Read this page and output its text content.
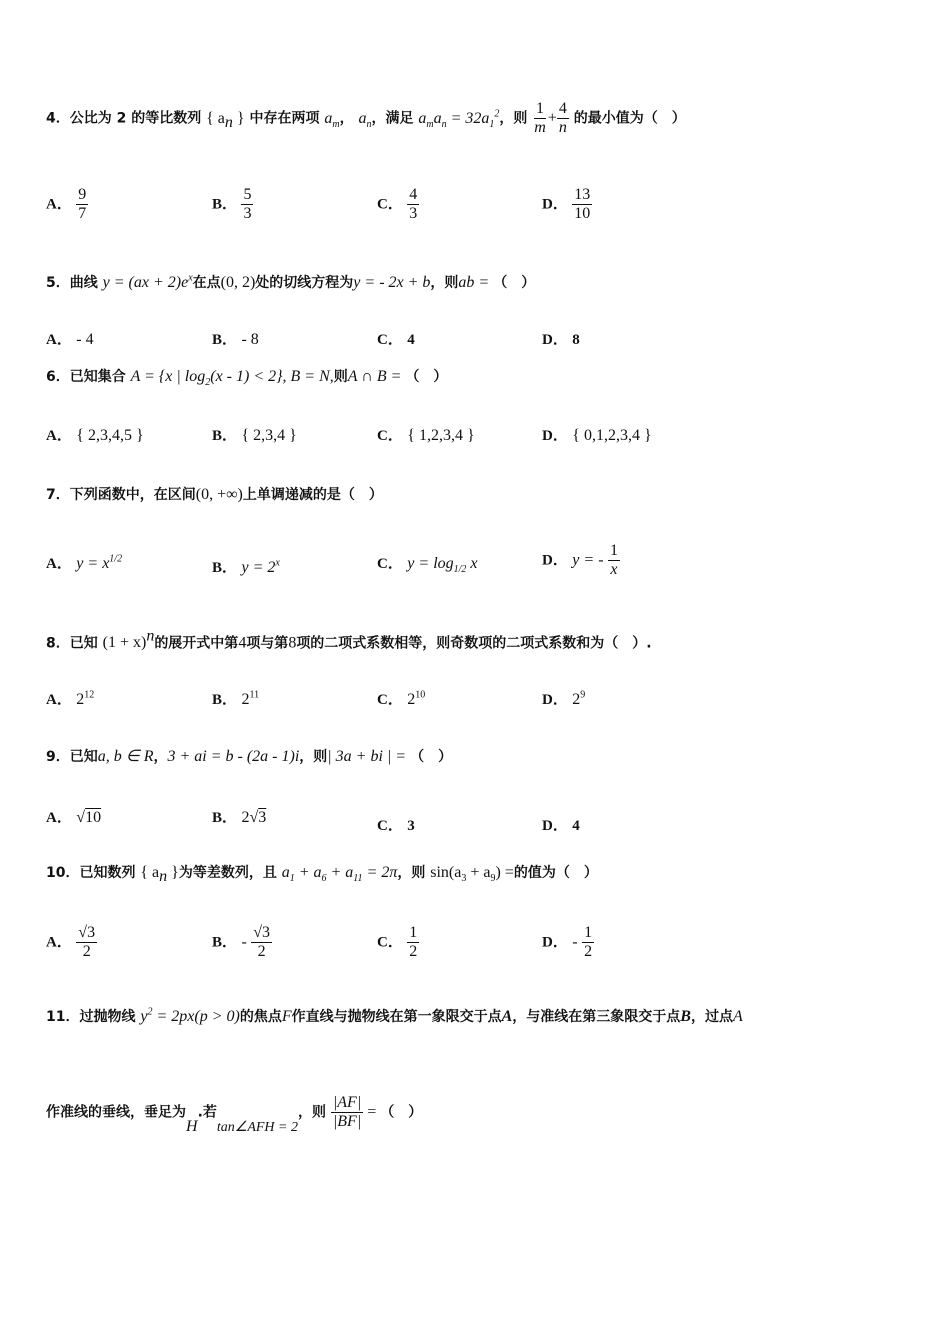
4．公比为 2 的等比数列 { $a_n$ } 中存在两项 $a_m$， $a_n$，满足 $a_ma_n = 32a_1^2$，则 $\frac{1}{m} + \frac{4}{n}$ 的最小值为（　）
A． $\frac{9}{7}$	B． $\frac{5}{3}$	C． $\frac{4}{3}$	D． $\frac{13}{10}$
5．曲线 $y = (ax + 2)e^x$在点(0, 2)处的切线方程为y = - 2x + b，则ab = （　）
A． - 4	B． - 8	C． 4	D． 8
6．已知集合 A = {x | $\log_2(x - 1) < 2$}, B = N,则A ∩ B = （　）
A． { 2,3,4,5 }	B． { 2,3,4 }	C． { 1,2,3,4 }	D． { 0,1,2,3,4 }
7．下列函数中，在区间(0, +∞)上单调递减的是（　）
A． $y = x^{1/2}$
B． $y = 2^x$	C． $y = \log_{1/2} x$	D． y = - $\frac{1}{x}$
8．已知 $(1 + x)^n$的展开式中第4项与第8项的二项式系数相等，则奇数项的二项式系数和为（　）.
A． $2^{12}$	B． $2^{11}$	C． $2^{10}$	D． $2^9$
9．已知a, b ∈ R，3 + ai = b - (2a - 1)i，则| 3a + bi | = （　）
A． √10	B． 2√3	C． 3	D． 4
10．已知数列 { $a_n$ }为等差数列，且 $a_1 + a_6 + a_{11} = 2\pi$，则 $\sin(a_3 + a_9)$ =的值为（　）
A． $\frac{√3}{2}$	B． - $\frac{√3}{2}$	C． $\frac{1}{2}$	D． - $\frac{1}{2}$
11．过抛物线 $y^2 = 2px(p > 0)$的焦点F作直线与抛物线在第一象限交于点A，与准线在第三象限交于点B，过点A
作准线的垂线，垂足为H.若tan∠AFH = 2，则 $\frac{|AF|}{|BF|}$ = （　）
